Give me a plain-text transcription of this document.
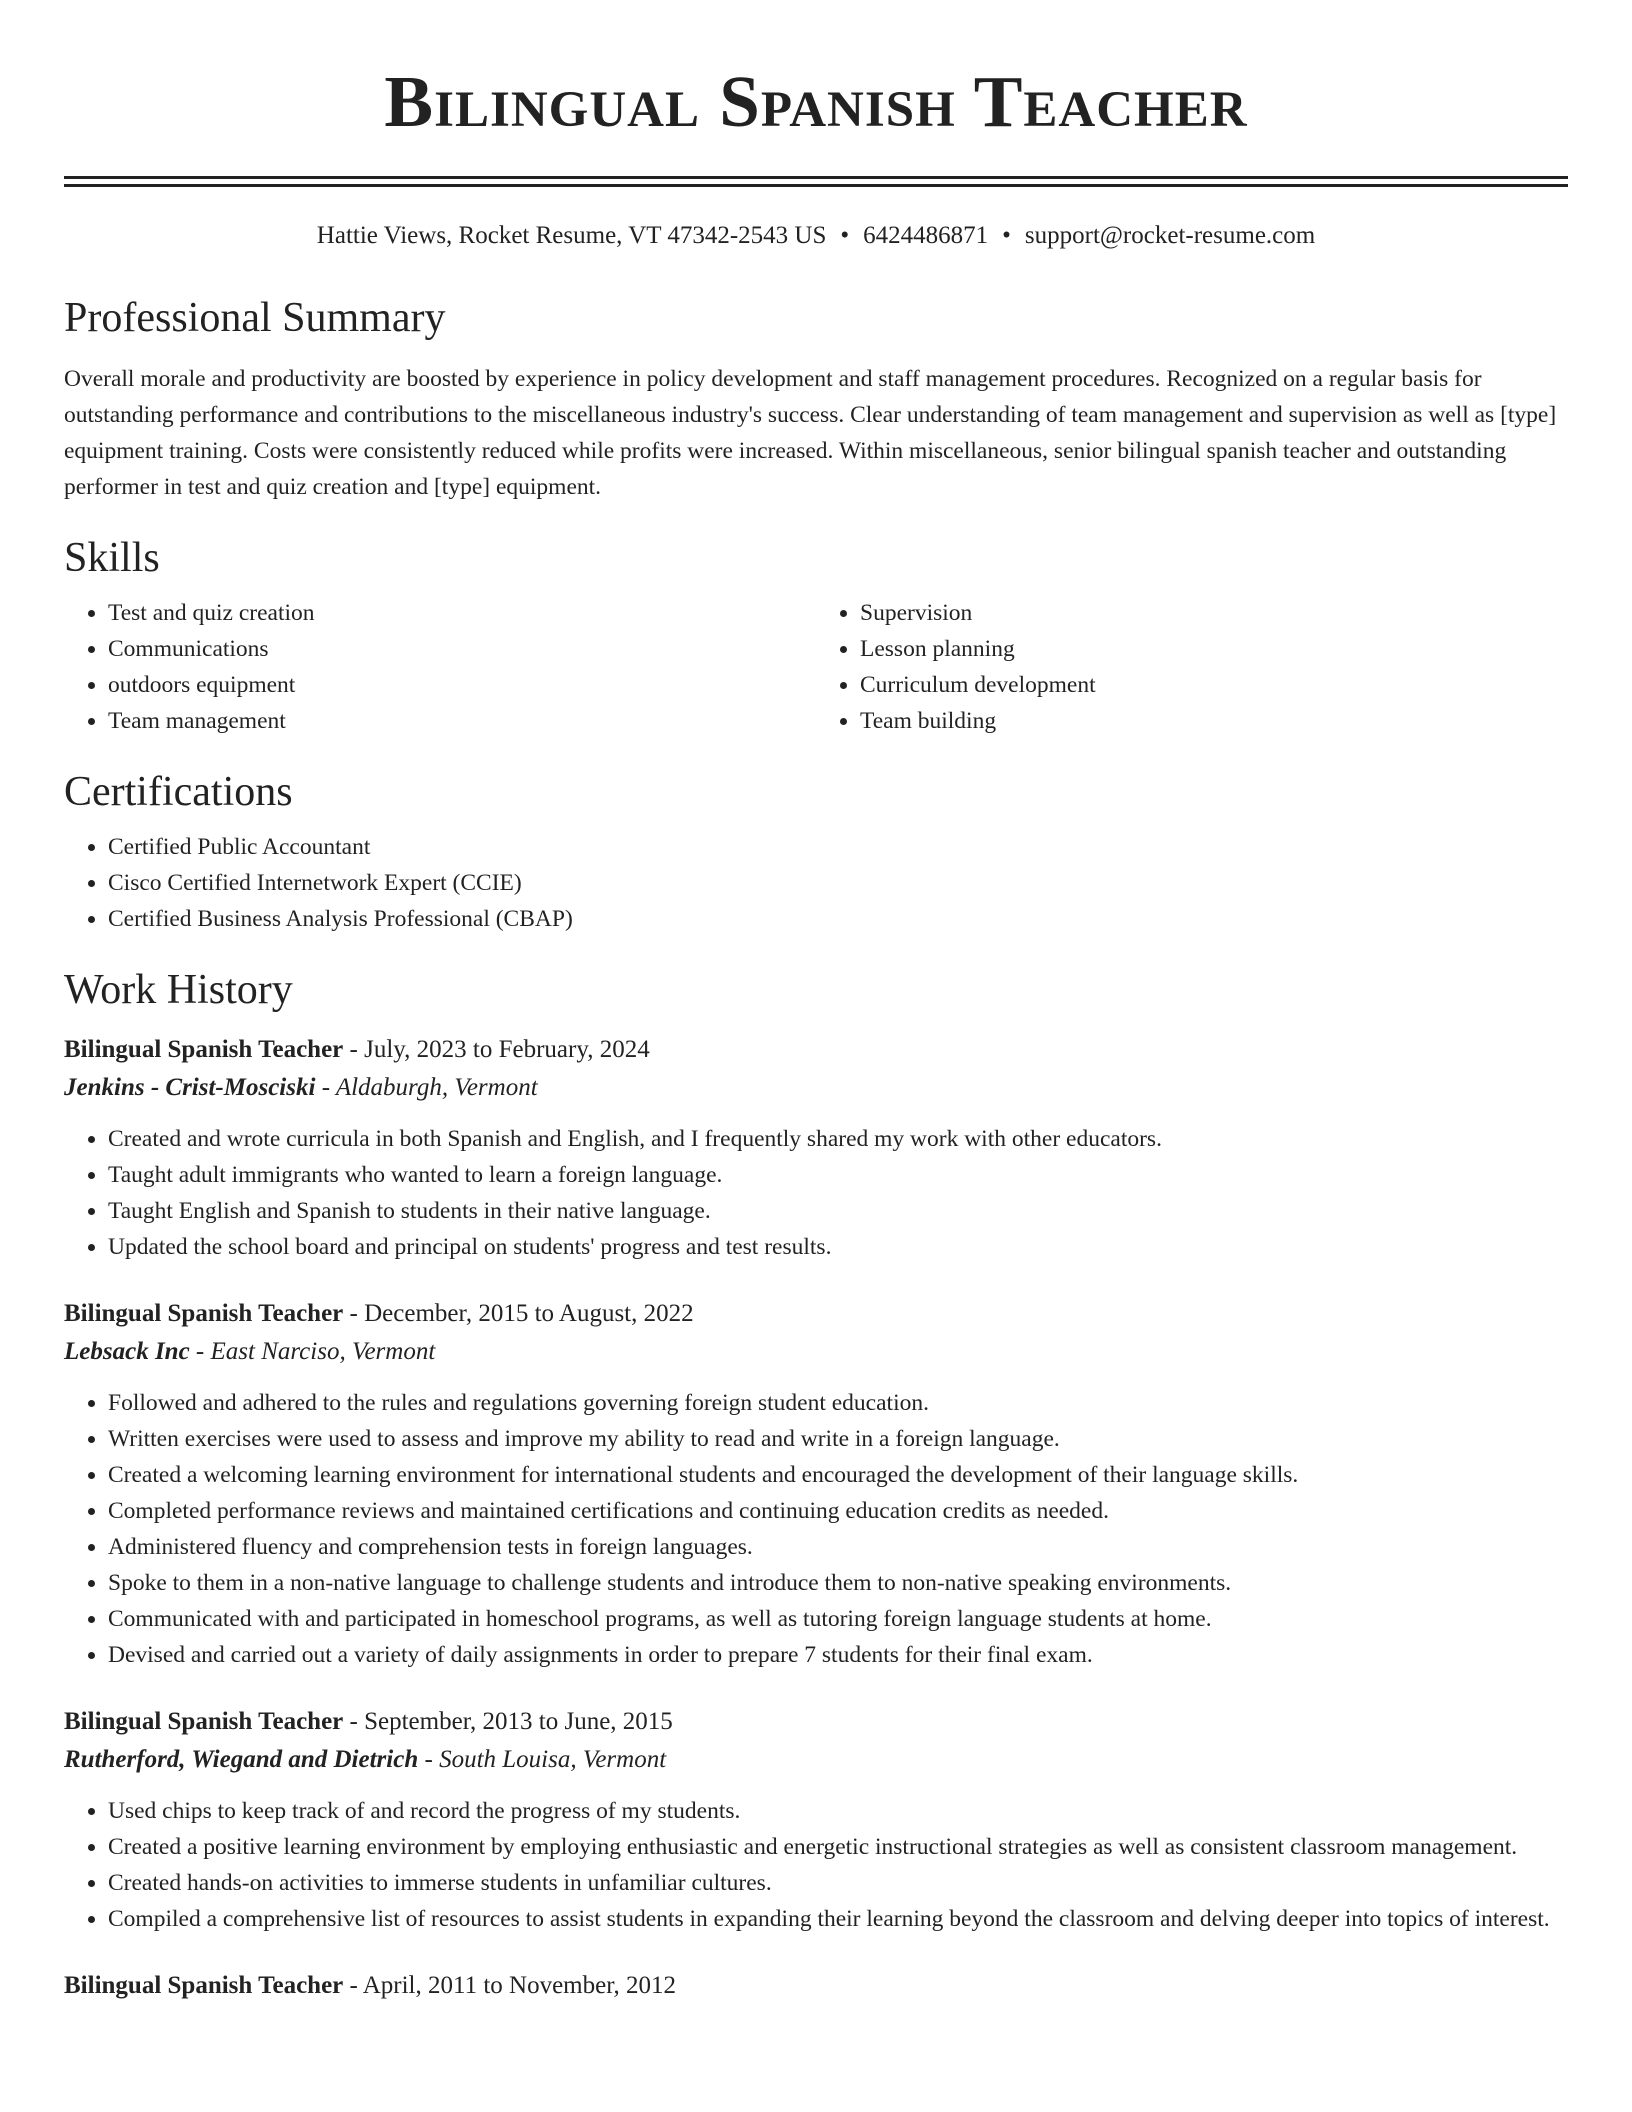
Bilingual Spanish Teacher
Hattie Views, Rocket Resume, VT 47342-2543 US • 6424486871 • support@rocket-resume.com
Professional Summary

Overall morale and productivity are boosted by experience in policy development and staff management procedures. Recognized on a regular basis for outstanding performance and contributions to the miscellaneous industry's success. Clear understanding of team management and supervision as well as [type] equipment training. Costs were consistently reduced while profits were increased. Within miscellaneous, senior bilingual spanish teacher and outstanding performer in test and quiz creation and [type] equipment.

Skills
• Test and quiz creation
• Communications
• outdoors equipment
• Team management
• Supervision
• Lesson planning
• Curriculum development
• Team building
Certifications
• Certified Public Accountant
• Cisco Certified Internetwork Expert (CCIE)
• Certified Business Analysis Professional (CBAP)
Work History
Bilingual Spanish Teacher - July, 2023 to February, 2024
Jenkins - Crist-Mosciski - Aldaburgh, Vermont
• Created and wrote curricula in both Spanish and English, and I frequently shared my work with other educators.
• Taught adult immigrants who wanted to learn a foreign language.
• Taught English and Spanish to students in their native language.
• Updated the school board and principal on students' progress and test results.
Bilingual Spanish Teacher - December, 2015 to August, 2022
Lebsack Inc - East Narciso, Vermont
• Followed and adhered to the rules and regulations governing foreign student education.
• Written exercises were used to assess and improve my ability to read and write in a foreign language.
• Created a welcoming learning environment for international students and encouraged the development of their language skills.
• Completed performance reviews and maintained certifications and continuing education credits as needed.
• Administered fluency and comprehension tests in foreign languages.
• Spoke to them in a non-native language to challenge students and introduce them to non-native speaking environments.
• Communicated with and participated in homeschool programs, as well as tutoring foreign language students at home.
• Devised and carried out a variety of daily assignments in order to prepare 7 students for their final exam.
Bilingual Spanish Teacher - September, 2013 to June, 2015
Rutherford, Wiegand and Dietrich - South Louisa, Vermont
• Used chips to keep track of and record the progress of my students.
• Created a positive learning environment by employing enthusiastic and energetic instructional strategies as well as consistent classroom management.
• Created hands-on activities to immerse students in unfamiliar cultures.
• Compiled a comprehensive list of resources to assist students in expanding their learning beyond the classroom and delving deeper into topics of interest.
Bilingual Spanish Teacher - April, 2011 to November, 2012
